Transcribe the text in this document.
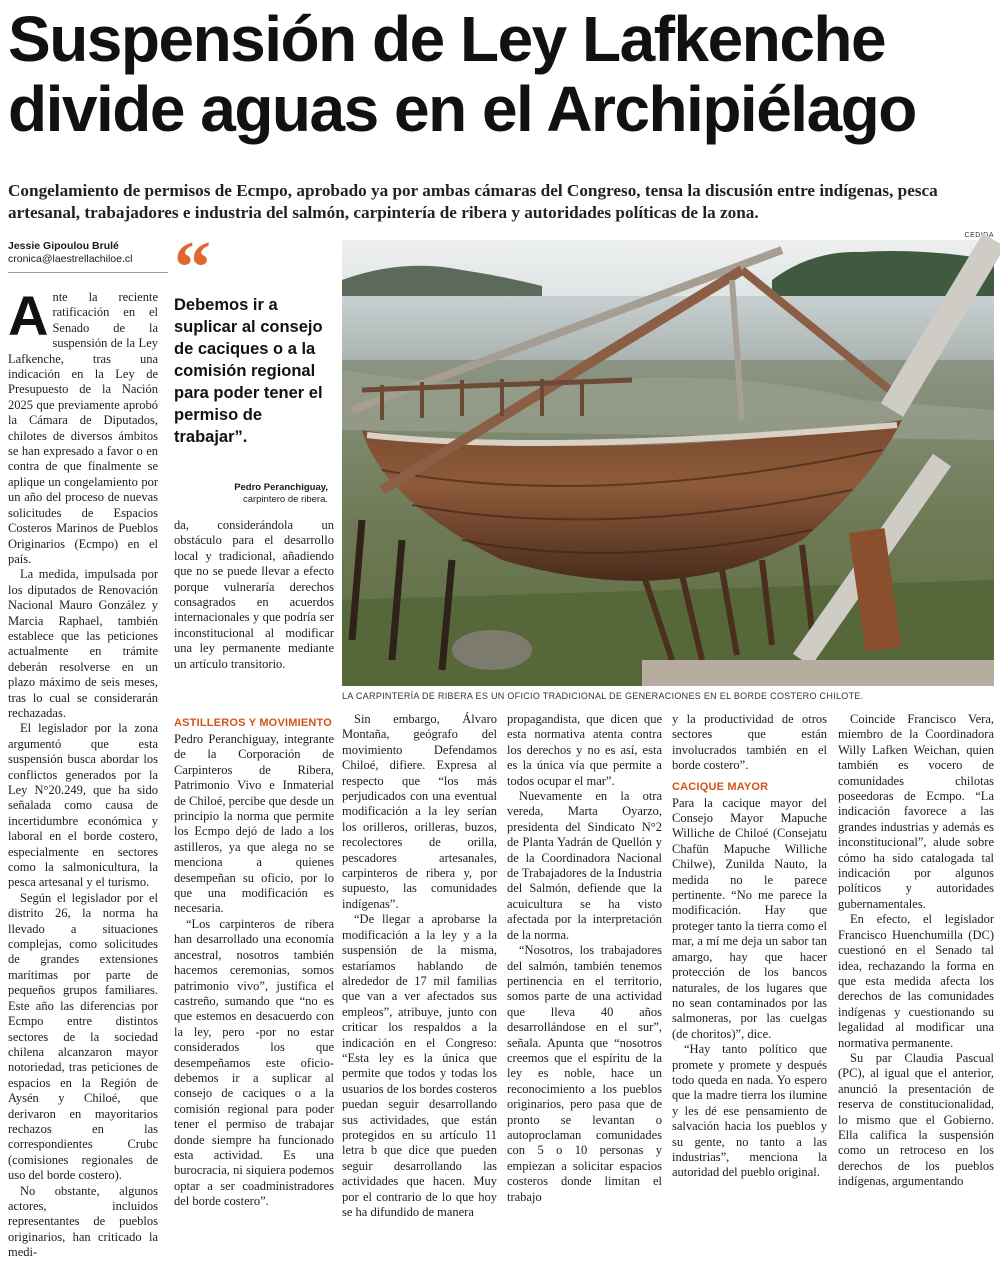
Suspensión de Ley Lafkenche
divide aguas en el Archipiélago
Congelamiento de permisos de Ecmpo, aprobado ya por ambas cámaras del Congreso, tensa la discusión entre indígenas, pesca artesanal, trabajadores e industria del salmón, carpintería de ribera y autoridades políticas de la zona.
Jessie Gipoulou Brulé
cronica@laestrellachiloe.cl
CEDIDA
“
Debemos ir a suplicar al consejo de caciques o a la comisión regional para poder tener el permiso de trabajar”.
Pedro Peranchiguay,
carpintero de ribera.
LA CARPINTERÍA DE RIBERA ES UN OFICIO TRADICIONAL DE GENERACIONES EN EL BORDE COSTERO CHILOTE.

Ante la reciente ratificación en el Senado de la suspensión de la Ley Lafkenche, tras una indicación en la Ley de Presupuesto de la Nación 2025 que previamente aprobó la Cámara de Diputados, chilotes de diversos ámbitos se han expresado a favor o en contra de que finalmente se aplique un congelamiento por un año del proceso de nuevas solicitudes de Espacios Costeros Marinos de Pueblos Originarios (Ecmpo) en el país.

La medida, impulsada por los diputados de Renovación Nacional Mauro González y Marcia Raphael, también establece que las peticiones actualmente en trámite deberán resolverse en un plazo máximo de seis meses, tras lo cual se considerarán rechazadas.

El legislador por la zona argumentó que esta suspensión busca abordar los conflictos generados por la Ley N°20.249, que ha sido señalada como causa de incertidumbre económica y laboral en el borde costero, especialmente en sectores como la salmonicultura, la pesca artesanal y el turismo.

Según el legislador por el distrito 26, la norma ha llevado a situaciones complejas, como solicitudes de grandes extensiones marítimas por parte de pequeños grupos familiares. Este año las diferencias por Ecmpo entre distintos sectores de la sociedad chilena alcanzaron mayor notoriedad, tras peticiones de espacios en la Región de Aysén y Chiloé, que derivaron en mayoritarios rechazos en las correspondientes Crubc (comisiones regionales de uso del borde costero).

No obstante, algunos actores, incluidos representantes de pueblos originarios, han criticado la medi-

da, considerándola un obstáculo para el desarrollo local y tradicional, añadiendo que no se puede llevar a efecto porque vulneraría derechos consagrados en acuerdos internacionales y que podría ser inconstitucional al modificar una ley permanente mediante un artículo transitorio.

ASTILLEROS Y MOVIMIENTO

Pedro Peranchiguay, integrante de la Corporación de Carpinteros de Ribera, Patrimonio Vivo e Inmaterial de Chiloé, percibe que desde un principio la norma que permite los Ecmpo dejó de lado a los astilleros, ya que alega no se menciona a quienes desempeñan su oficio, por lo que una modificación es necesaria.

“Los carpinteros de ribera han desarrollado una economía ancestral, nosotros también hacemos ceremonias, somos patrimonio vivo”, justifica el castreño, sumando que “no es que estemos en desacuerdo con la ley, pero -por no estar considerados los que desempeñamos este oficio- debemos ir a suplicar al consejo de caciques o a la comisión regional para poder tener el permiso de trabajar donde siempre ha funcionado esta actividad. Es una burocracia, ni siquiera podemos optar a ser coadministradores del borde costero”.

Sin embargo, Álvaro Montaña, geógrafo del movimiento Defendamos Chiloé, difiere. Expresa al respecto que “los más perjudicados con una eventual modificación a la ley serían los orilleros, orilleras, buzos, recolectores de orilla, pescadores artesanales, carpinteros de ribera y, por supuesto, las comunidades indígenas”.

“De llegar a aprobarse la modificación a la ley y a la suspensión de la misma, estaríamos hablando de alrededor de 17 mil familias que van a ver afectados sus empleos”, atribuye, junto con criticar los respaldos a la indicación en el Congreso: “Esta ley es la única que permite que todos y todas los usuarios de los bordes costeros puedan seguir desarrollando sus actividades, que están protegidos en su artículo 11 letra b que dice que pueden seguir desarrollando las actividades que hacen. Muy por el contrario de lo que hoy se ha difundido de manera

propagandista, que dicen que esta normativa atenta contra los derechos y no es así, esta es la única vía que permite a todos ocupar el mar”.

Nuevamente en la otra vereda, Marta Oyarzo, presidenta del Sindicato N°2 de Planta Yadrán de Quellón y de la Coordinadora Nacional de Trabajadores de la Industria del Salmón, defiende que la acuicultura se ha visto afectada por la interpretación de la norma.

“Nosotros, los trabajadores del salmón, también tenemos pertinencia en el territorio, somos parte de una actividad que lleva 40 años desarrollándose en el sur”, señala. Apunta que “nosotros creemos que el espíritu de la ley es noble, hace un reconocimiento a los pueblos originarios, pero pasa que de pronto se levantan o autoproclaman comunidades con 5 o 10 personas y empiezan a solicitar espacios costeros donde limitan el trabajo

y la productividad de otros sectores que están involucrados también en el borde costero”.

CACIQUE MAYOR

Para la cacique mayor del Consejo Mayor Mapuche Williche de Chiloé (Consejatu Chafün Mapuche Williche Chilwe), Zunilda Nauto, la medida no le parece pertinente. “No me parece la modificación. Hay que proteger tanto la tierra como el mar, a mí me deja un sabor tan amargo, hay que hacer protección de los bancos naturales, de los lugares que no sean contaminados por las salmoneras, por las cuelgas (de choritos)”, dice.

“Hay tanto político que promete y promete y después todo queda en nada. Yo espero que la madre tierra los ilumine y les dé ese pensamiento de salvación hacia los pueblos y su gente, no tanto a las industrias”, menciona la autoridad del pueblo original.

Coincide Francisco Vera, miembro de la Coordinadora Willy Lafken Weichan, quien también es vocero de comunidades chilotas poseedoras de Ecmpo. “La indicación favorece a las grandes industrias y además es inconstitucional”, alude sobre cómo ha sido catalogada tal indicación por algunos políticos y autoridades gubernamentales.

En efecto, el legislador Francisco Huenchumilla (DC) cuestionó en el Senado tal idea, rechazando la forma en que esta medida afecta los derechos de las comunidades indígenas y cuestionando su legalidad al modificar una normativa permanente.

Su par Claudia Pascual (PC), al igual que el anterior, anunció la presentación de reserva de constitucionalidad, lo mismo que el Gobierno. Ella califica la suspensión como un retroceso en los derechos de los pueblos indígenas, argumentando
